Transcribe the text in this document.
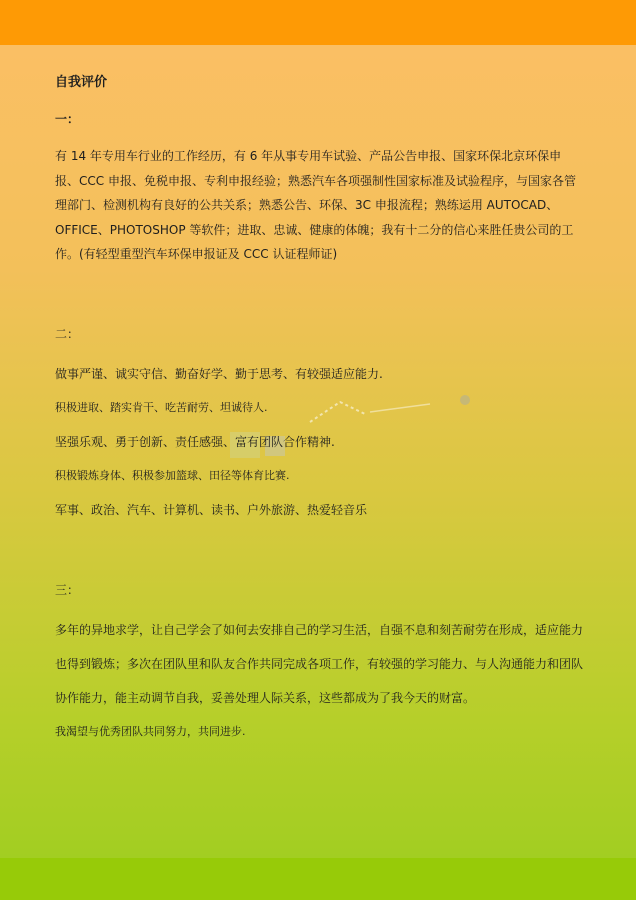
自我评价
一：

有 14 年专用车行业的工作经历，有 6 年从事专用车试验、产品公告申报、国家环保北京环保申报、CCC 申报、免税申报、专利申报经验；熟悉汽车各项强制性国家标准及试验程序，与国家各管理部门、检测机构有良好的公共关系；熟悉公告、环保、3C 申报流程；熟练运用 AUTOCAD、OFFICE、PHOTOSHOP 等软件；进取、忠诚、健康的体魄；我有十二分的信心来胜任贵公司的工作。(有轻型重型汽车环保申报证及 CCC 认证程师证)

二：
做事严谨、诚实守信、勤奋好学、勤于思考、有较强适应能力.
积极进取、踏实肯干、吃苦耐劳、坦诚待人.
坚强乐观、勇于创新、责任感强、富有团队合作精神.
积极锻炼身体、积极参加篮球、田径等体育比赛.
军事、政治、汽车、计算机、读书、户外旅游、热爱轻音乐
三：

多年的异地求学，让自己学会了如何去安排自己的学习生活，自强不息和刻苦耐劳在形成，适应能力也得到锻炼；多次在团队里和队友合作共同完成各项工作，有较强的学习能力、与人沟通能力和团队协作能力，能主动调节自我，妥善处理人际关系，这些都成为了我今天的财富。

我渴望与优秀团队共同努力，共同进步.
